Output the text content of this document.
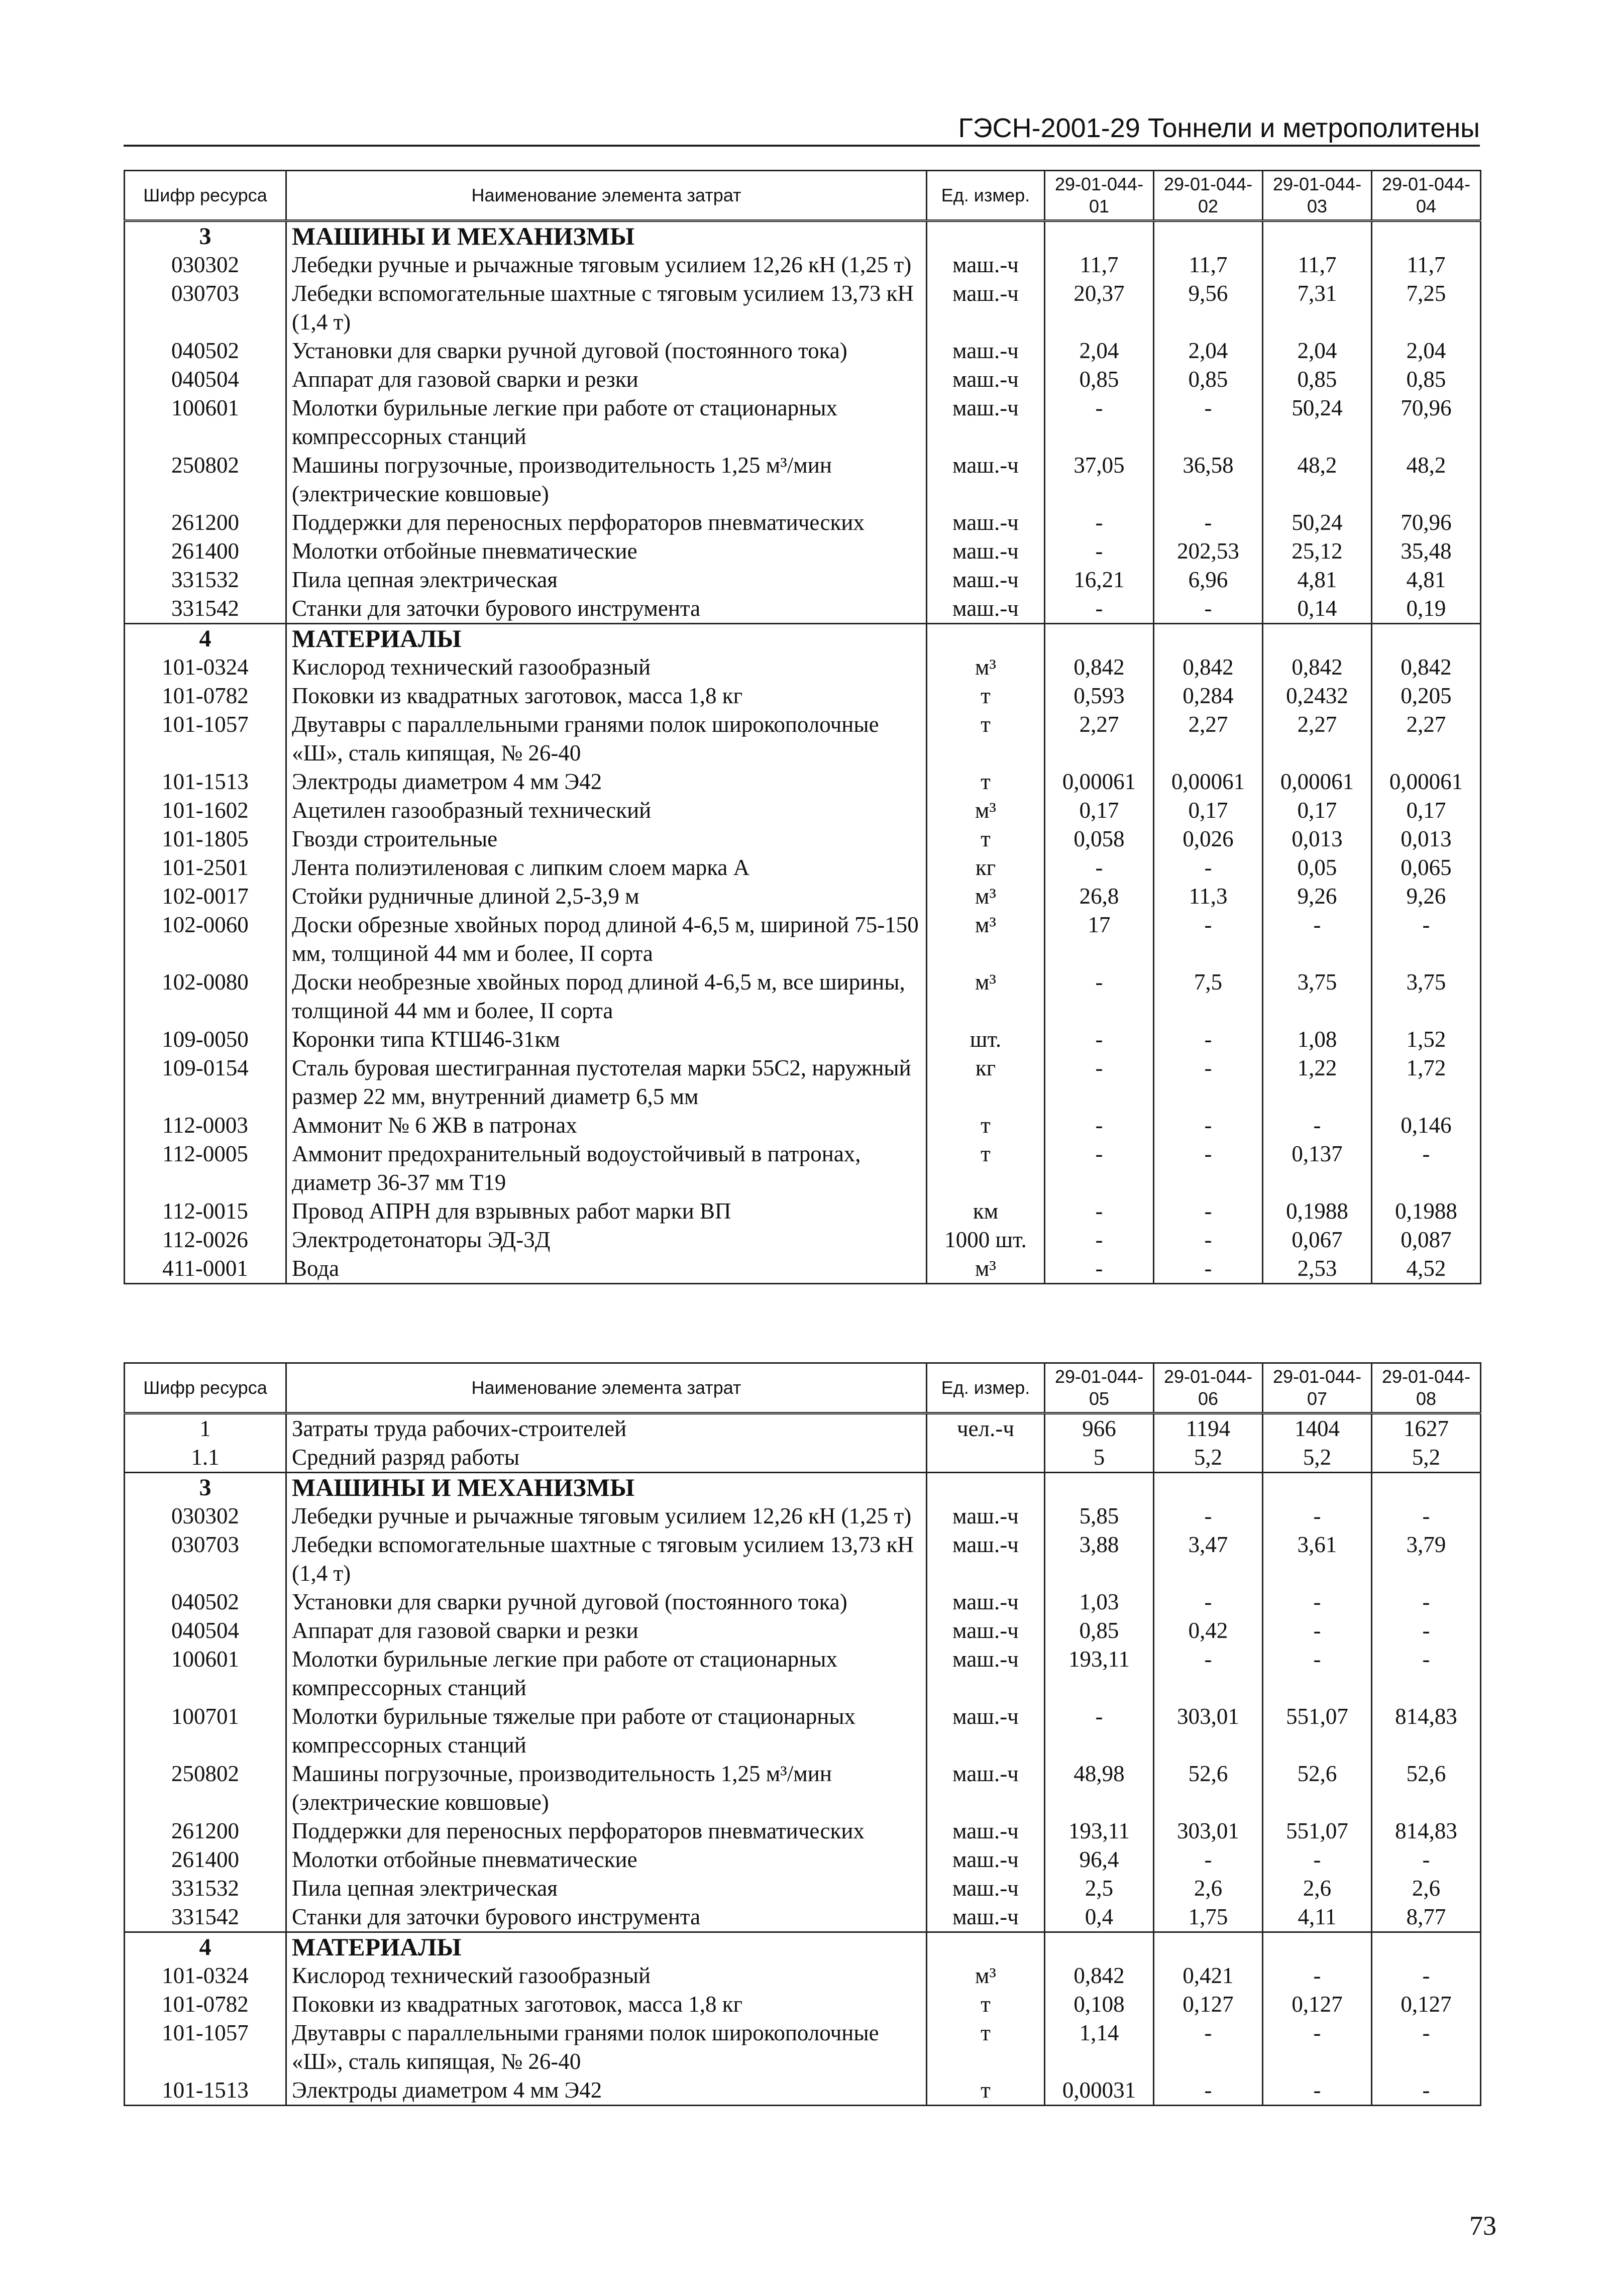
ГЭСН-2001-29 Тоннели и метрополитены
Шифр ресурса	Наименование элемента затрат	Ед. измер.	29-01-044-01	29-01-044-02	29-01-044-03	29-01-044-04
3	МАШИНЫ И МЕХАНИЗМЫ					
030302	Лебедки ручные и рычажные тяговым усилием 12,26 кН (1,25 т)	маш.-ч	11,7	11,7	11,7	11,7
030703	Лебедки вспомогательные шахтные с тяговым усилием 13,73 кН (1,4 т)	маш.-ч	20,37	9,56	7,31	7,25
040502	Установки для сварки ручной дуговой (постоянного тока)	маш.-ч	2,04	2,04	2,04	2,04
040504	Аппарат для газовой сварки и резки	маш.-ч	0,85	0,85	0,85	0,85
100601	Молотки бурильные легкие при работе от стационарных компрессорных станций	маш.-ч	-	-	50,24	70,96
250802	Машины погрузочные, производительность 1,25 м³/мин (электрические ковшовые)	маш.-ч	37,05	36,58	48,2	48,2
261200	Поддержки для переносных перфораторов пневматических	маш.-ч	-	-	50,24	70,96
261400	Молотки отбойные пневматические	маш.-ч	-	202,53	25,12	35,48
331532	Пила цепная электрическая	маш.-ч	16,21	6,96	4,81	4,81
331542	Станки для заточки бурового инструмента	маш.-ч	-	-	0,14	0,19
4	МАТЕРИАЛЫ					
101-0324	Кислород технический газообразный	м³	0,842	0,842	0,842	0,842
101-0782	Поковки из квадратных заготовок, масса 1,8 кг	т	0,593	0,284	0,2432	0,205
101-1057	Двутавры с параллельными гранями полок широкополочные «Ш», сталь кипящая, № 26-40	т	2,27	2,27	2,27	2,27
101-1513	Электроды диаметром 4 мм Э42	т	0,00061	0,00061	0,00061	0,00061
101-1602	Ацетилен газообразный технический	м³	0,17	0,17	0,17	0,17
101-1805	Гвозди строительные	т	0,058	0,026	0,013	0,013
101-2501	Лента полиэтиленовая с липким слоем марка А	кг	-	-	0,05	0,065
102-0017	Стойки рудничные длиной 2,5-3,9 м	м³	26,8	11,3	9,26	9,26
102-0060	Доски обрезные хвойных пород длиной 4-6,5 м, шириной 75-150 мм, толщиной 44 мм и более, II сорта	м³	17	-	-	-
102-0080	Доски необрезные хвойных пород длиной 4-6,5 м, все ширины, толщиной 44 мм и более, II сорта	м³	-	7,5	3,75	3,75
109-0050	Коронки типа КТШ46-31км	шт.	-	-	1,08	1,52
109-0154	Сталь буровая шестигранная пустотелая марки 55С2, наружный размер 22 мм, внутренний диаметр 6,5 мм	кг	-	-	1,22	1,72
112-0003	Аммонит № 6 ЖВ в патронах	т	-	-	-	0,146
112-0005	Аммонит предохранительный водоустойчивый в патронах, диаметр 36-37 мм Т19	т	-	-	0,137	-
112-0015	Провод АПРН для взрывных работ марки ВП	км	-	-	0,1988	0,1988
112-0026	Электродетонаторы ЭД-3Д	1000 шт.	-	-	0,067	0,087
411-0001	Вода	м³	-	-	2,53	4,52
Шифр ресурса	Наименование элемента затрат	Ед. измер.	29-01-044-05	29-01-044-06	29-01-044-07	29-01-044-08
1	Затраты труда рабочих-строителей	чел.-ч	966	1194	1404	1627
1.1	Средний разряд работы		5	5,2	5,2	5,2
3	МАШИНЫ И МЕХАНИЗМЫ					
030302	Лебедки ручные и рычажные тяговым усилием 12,26 кН (1,25 т)	маш.-ч	5,85	-	-	-
030703	Лебедки вспомогательные шахтные с тяговым усилием 13,73 кН (1,4 т)	маш.-ч	3,88	3,47	3,61	3,79
040502	Установки для сварки ручной дуговой (постоянного тока)	маш.-ч	1,03	-	-	-
040504	Аппарат для газовой сварки и резки	маш.-ч	0,85	0,42	-	-
100601	Молотки бурильные легкие при работе от стационарных компрессорных станций	маш.-ч	193,11	-	-	-
100701	Молотки бурильные тяжелые при работе от стационарных компрессорных станций	маш.-ч	-	303,01	551,07	814,83
250802	Машины погрузочные, производительность 1,25 м³/мин (электрические ковшовые)	маш.-ч	48,98	52,6	52,6	52,6
261200	Поддержки для переносных перфораторов пневматических	маш.-ч	193,11	303,01	551,07	814,83
261400	Молотки отбойные пневматические	маш.-ч	96,4	-	-	-
331532	Пила цепная электрическая	маш.-ч	2,5	2,6	2,6	2,6
331542	Станки для заточки бурового инструмента	маш.-ч	0,4	1,75	4,11	8,77
4	МАТЕРИАЛЫ					
101-0324	Кислород технический газообразный	м³	0,842	0,421	-	-
101-0782	Поковки из квадратных заготовок, масса 1,8 кг	т	0,108	0,127	0,127	0,127
101-1057	Двутавры с параллельными гранями полок широкополочные «Ш», сталь кипящая, № 26-40	т	1,14	-	-	-
101-1513	Электроды диаметром 4 мм Э42	т	0,00031	-	-	-
73
